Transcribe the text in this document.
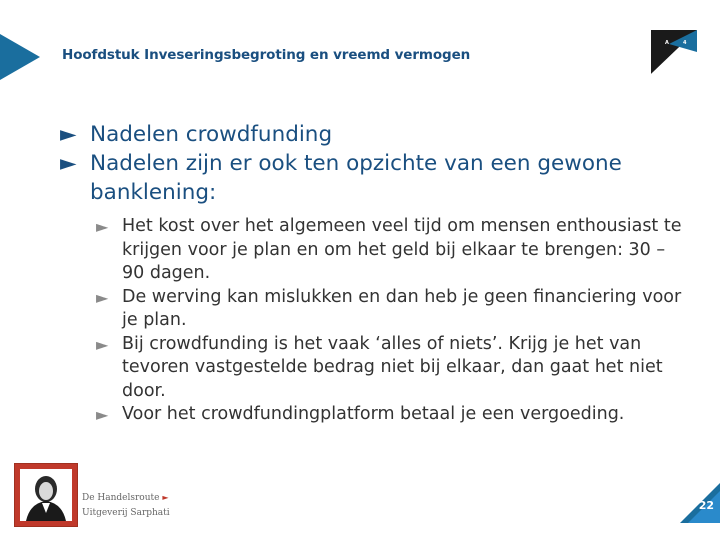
Hoofdstuk Inveseringsbegroting en vreemd vermogen
A	4
► Nadelen crowdfunding
► Nadelen zijn er ook ten opzichte van een gewone banklening:
► Het kost over het algemeen veel tijd om mensen enthousiast te krijgen voor je plan en om het geld bij elkaar te brengen: 30 – 90 dagen.
► De werving kan mislukken en dan heb je geen financiering voor je plan.
► Bij crowdfunding is het vaak ‘alles of niets’. Krijg je het van tevoren vastgestelde bedrag niet bij elkaar, dan gaat het niet door.
► Voor het crowdfundingplatform betaal je een vergoeding.
De Handelsroute ►
Uitgeverij Sarphati
22
